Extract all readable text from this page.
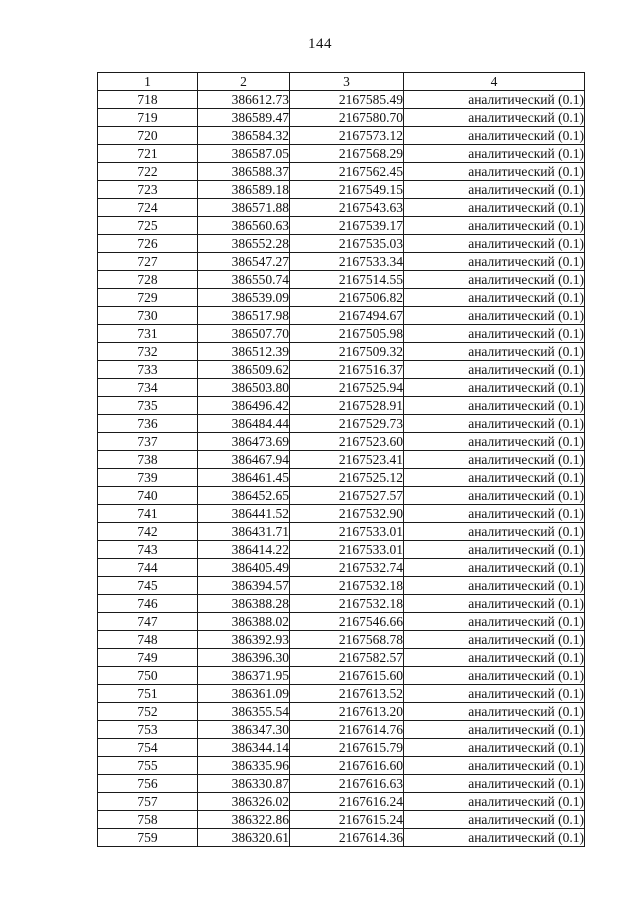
144
1	2	3	4
718	386612.73	2167585.49	аналитический (0.1)
719	386589.47	2167580.70	аналитический (0.1)
720	386584.32	2167573.12	аналитический (0.1)
721	386587.05	2167568.29	аналитический (0.1)
722	386588.37	2167562.45	аналитический (0.1)
723	386589.18	2167549.15	аналитический (0.1)
724	386571.88	2167543.63	аналитический (0.1)
725	386560.63	2167539.17	аналитический (0.1)
726	386552.28	2167535.03	аналитический (0.1)
727	386547.27	2167533.34	аналитический (0.1)
728	386550.74	2167514.55	аналитический (0.1)
729	386539.09	2167506.82	аналитический (0.1)
730	386517.98	2167494.67	аналитический (0.1)
731	386507.70	2167505.98	аналитический (0.1)
732	386512.39	2167509.32	аналитический (0.1)
733	386509.62	2167516.37	аналитический (0.1)
734	386503.80	2167525.94	аналитический (0.1)
735	386496.42	2167528.91	аналитический (0.1)
736	386484.44	2167529.73	аналитический (0.1)
737	386473.69	2167523.60	аналитический (0.1)
738	386467.94	2167523.41	аналитический (0.1)
739	386461.45	2167525.12	аналитический (0.1)
740	386452.65	2167527.57	аналитический (0.1)
741	386441.52	2167532.90	аналитический (0.1)
742	386431.71	2167533.01	аналитический (0.1)
743	386414.22	2167533.01	аналитический (0.1)
744	386405.49	2167532.74	аналитический (0.1)
745	386394.57	2167532.18	аналитический (0.1)
746	386388.28	2167532.18	аналитический (0.1)
747	386388.02	2167546.66	аналитический (0.1)
748	386392.93	2167568.78	аналитический (0.1)
749	386396.30	2167582.57	аналитический (0.1)
750	386371.95	2167615.60	аналитический (0.1)
751	386361.09	2167613.52	аналитический (0.1)
752	386355.54	2167613.20	аналитический (0.1)
753	386347.30	2167614.76	аналитический (0.1)
754	386344.14	2167615.79	аналитический (0.1)
755	386335.96	2167616.60	аналитический (0.1)
756	386330.87	2167616.63	аналитический (0.1)
757	386326.02	2167616.24	аналитический (0.1)
758	386322.86	2167615.24	аналитический (0.1)
759	386320.61	2167614.36	аналитический (0.1)
